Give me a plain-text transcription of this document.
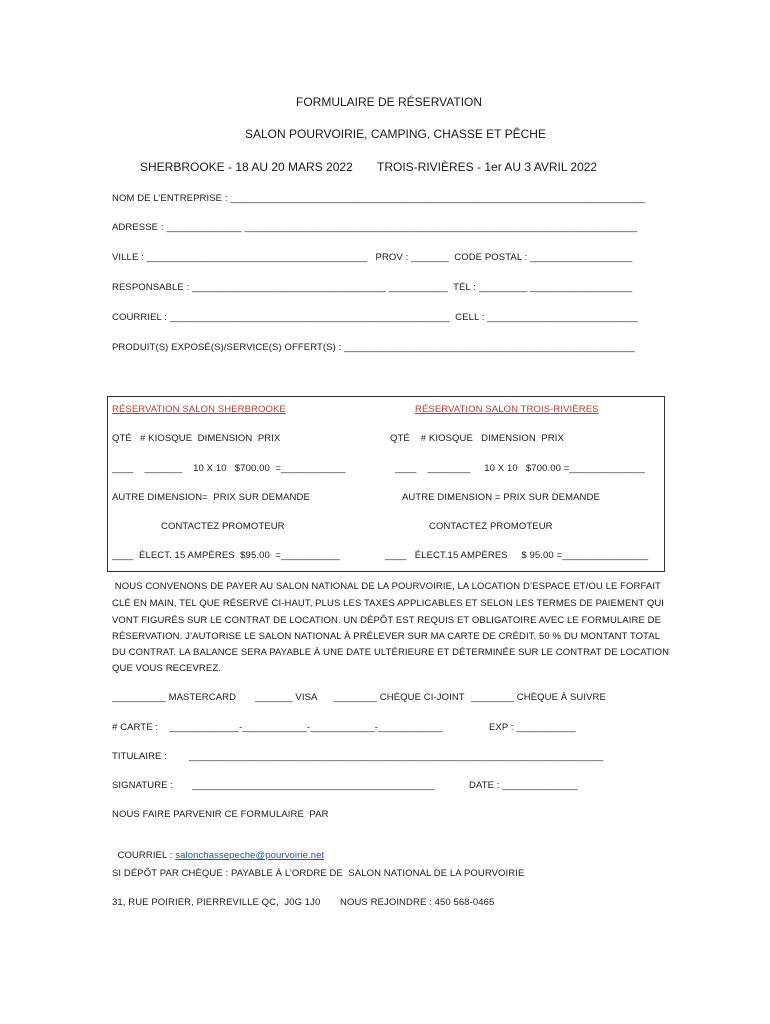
FORMULAIRE DE RÉSERVATION
SALON POURVOIRIE, CAMPING, CHASSE ET PÊCHE
SHERBROOKE - 18 AU 20 MARS 2022 TROIS-RIVIÈRES - 1er AU 3 AVRIL 2022
NOM DE L’ENTREPRISE : _____________________________________________________________________________
ADRESSE : ______________ _________________________________________________________________________
VILLE : _________________________________________   PROV : _______  CODE POSTAL : ___________________
RESPONSABLE : ____________________________________ ___________  TÉL : _________ ___________________
COURRIEL : ____________________________________________________  CELL : ____________________________
PRODUIT(S) EXPOSÉ(S)/SERVICE(S) OFFERT(S) : ______________________________________________________
RÉSERVATION SALON SHERBROOKE	RÉSERVATION SALON TROIS-RIVIÈRES
QTÉ   # KIOSQUE  DIMENSION  PRIX	QTÉ    # KIOSQUE   DIMENSION  PRIX
____    _______    10 X 10   $700.00  =____________	____    ________     10 X 10   $700.00 =______________
AUTRE DIMENSION=  PRIX SUR DEMANDE	AUTRE DIMENSION = PRIX SUR DEMANDE
CONTACTEZ PROMOTEUR	CONTACTEZ PROMOTEUR
____  ÉLECT. 15 AMPÈRES  $95.00  =___________	____   ÉLECT.15 AMPÈRES     $ 95.00 =________________
NOUS CONVENONS DE PAYER AU SALON NATIONAL DE LA POURVOIRIE, LA LOCATION D’ESPACE ET/OU LE FORFAIT
CLÉ EN MAIN, TEL QUE RÉSERVÉ CI-HAUT, PLUS LES TAXES APPLICABLES ET SELON LES TERMES DE PAIEMENT QUI
VONT FIGURÉS SUR LE CONTRAT DE LOCATION. UN DÉPÔT EST REQUIS ET OBLIGATOIRE AVEC LE FORMULAIRE DE
RÉSERVATION. J’AUTORISE LE SALON NATIONAL À PRÉLEVER SUR MA CARTE DE CRÉDIT, 50 % DU MONTANT TOTAL
DU CONTRAT. LA BALANCE SERA PAYABLE À UNE DATE ULTÉRIEURE ET DÉTERMINÉE SUR LE CONTRAT DE LOCATION
QUE VOUS RECEVREZ.
__________ MASTERCARD _______ VISA ________ CHÈQUE CI-JOINT ________ CHÈQUE À SUIVRE
# CARTE :    _____________-____________-____________-____________	EXP : ___________
TITULAIRE :        _____________________________________________________________________________
SIGNATURE :       _____________________________________________	DATE : ______________
NOUS FAIRE PARVENIR CE FORMULAIRE  PAR

COURRIEL : salonchassepeche@pourvoirie.net

SI DÉPÔT PAR CHÈQUE : PAYABLE À L’ORDRE DE  SALON NATIONAL DE LA POURVOIRIE
31, RUE POIRIER, PIERREVILLE QC,  J0G 1J0 NOUS REJOINDRE : 450 568-0465
